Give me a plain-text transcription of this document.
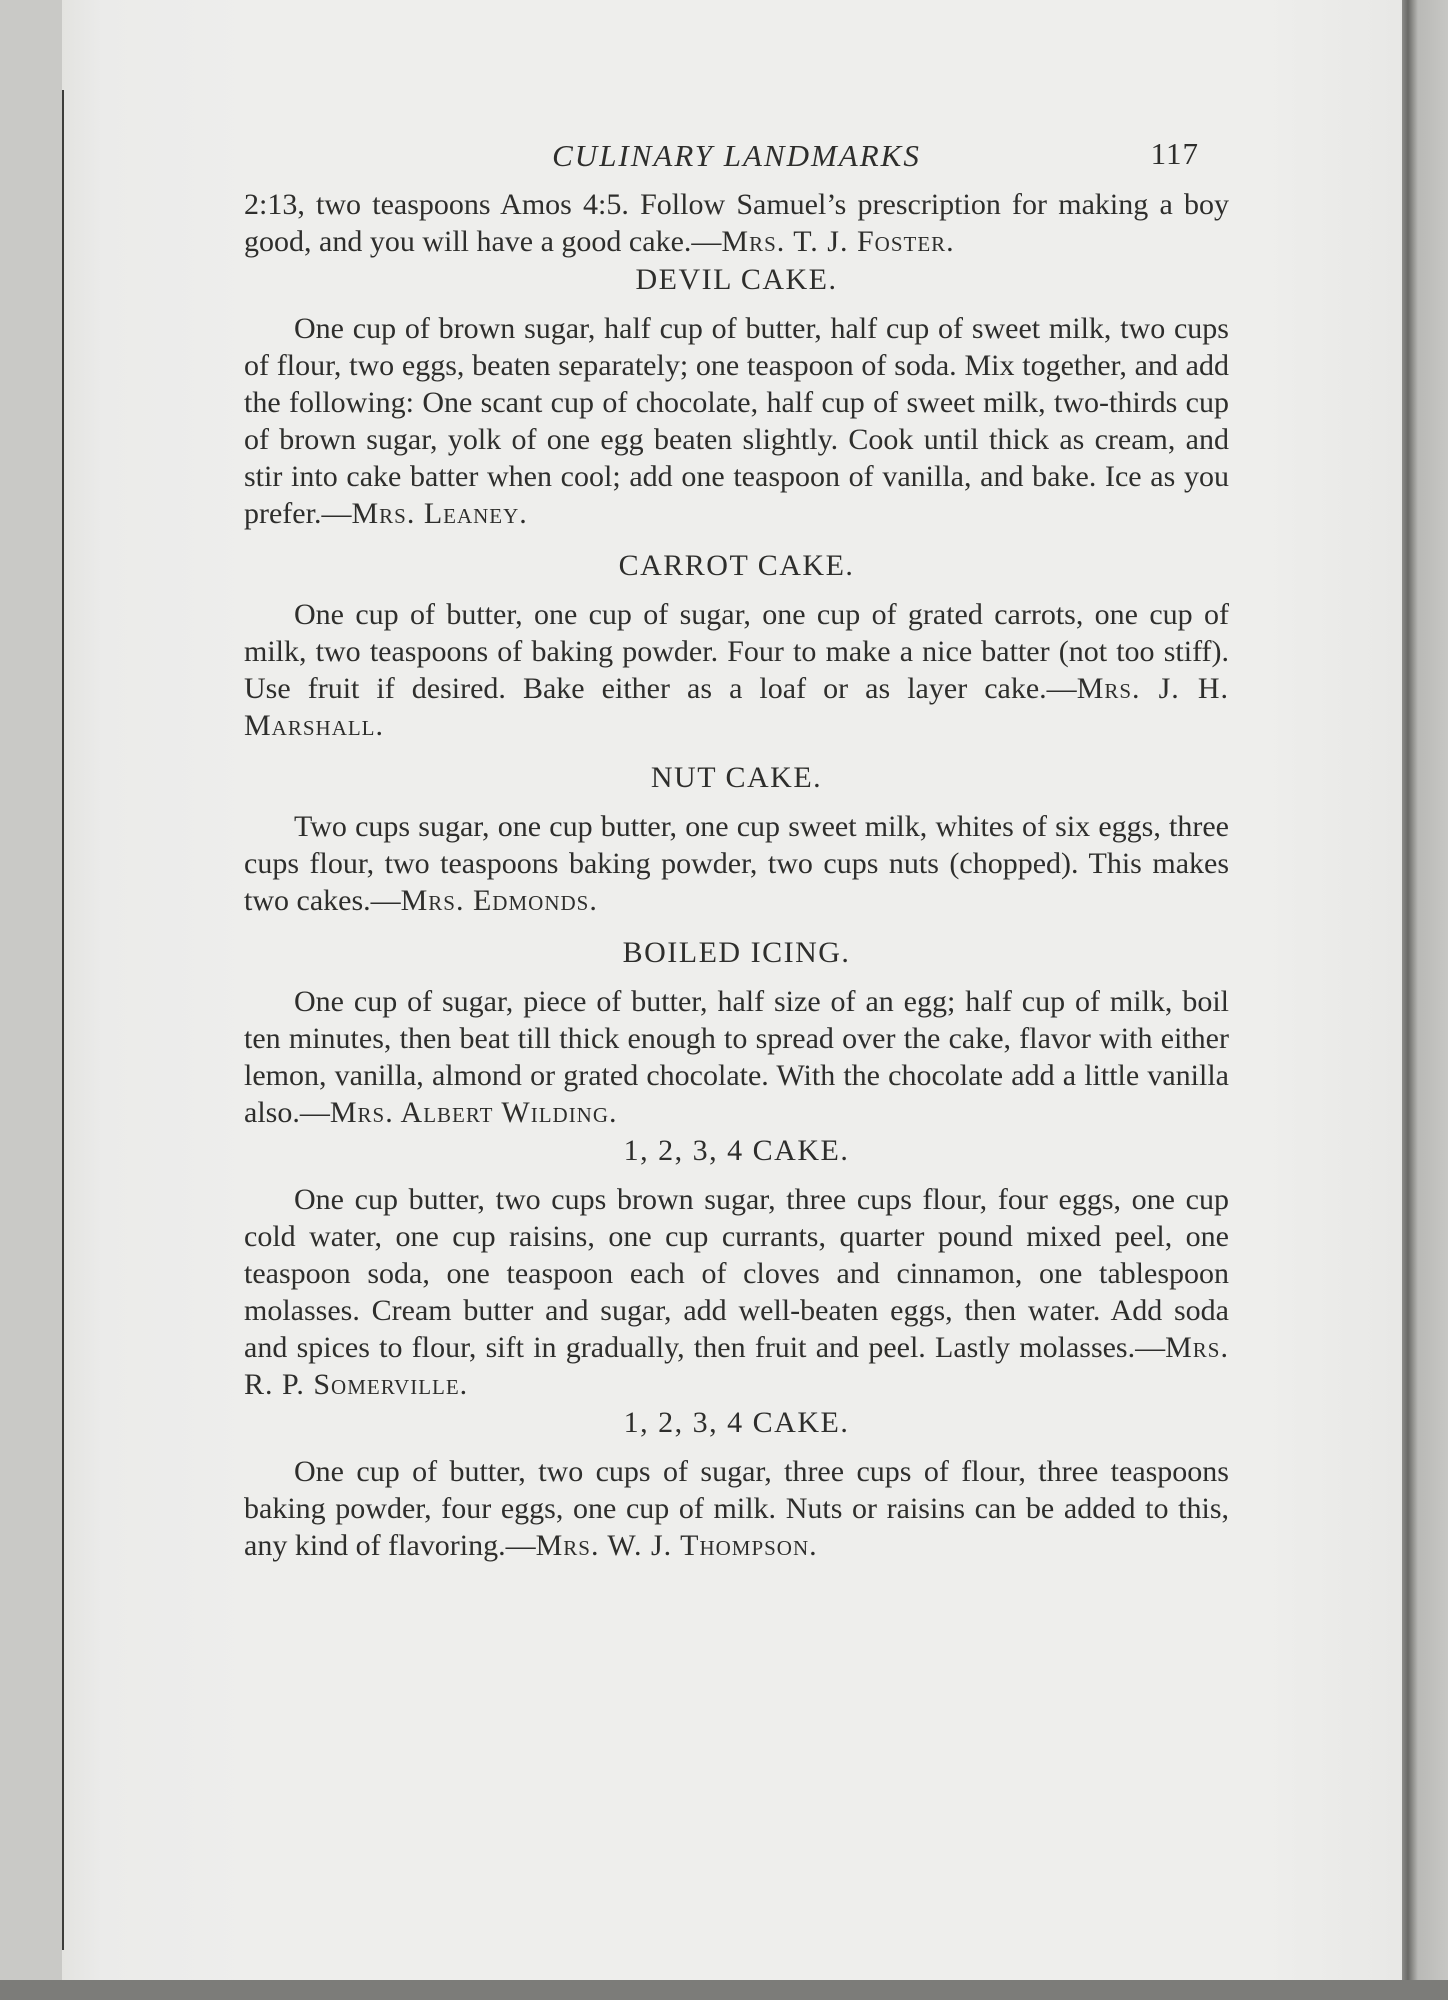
CULINARY LANDMARKS	117

2:13, two teaspoons Amos 4:5. Follow Samuel’s prescription for making a boy good, and you will have a good cake.—Mrs. T. J. Foster.

DEVIL CAKE.

One cup of brown sugar, half cup of butter, half cup of sweet milk, two cups of flour, two eggs, beaten separately; one teaspoon of soda. Mix together, and add the following: One scant cup of chocolate, half cup of sweet milk, two-thirds cup of brown sugar, yolk of one egg beaten slightly. Cook until thick as cream, and stir into cake batter when cool; add one teaspoon of vanilla, and bake. Ice as you prefer.—Mrs. Leaney.

CARROT CAKE.

One cup of butter, one cup of sugar, one cup of grated carrots, one cup of milk, two teaspoons of baking powder. Four to make a nice batter (not too stiff). Use fruit if desired. Bake either as a loaf or as layer cake.—Mrs. J. H. Marshall.

NUT CAKE.

Two cups sugar, one cup butter, one cup sweet milk, whites of six eggs, three cups flour, two teaspoons baking powder, two cups nuts (chopped). This makes two cakes.—Mrs. Edmonds.

BOILED ICING.

One cup of sugar, piece of butter, half size of an egg; half cup of milk, boil ten minutes, then beat till thick enough to spread over the cake, flavor with either lemon, vanilla, almond or grated chocolate. With the chocolate add a little vanilla also.—Mrs. Albert Wilding.

1, 2, 3, 4 CAKE.

One cup butter, two cups brown sugar, three cups flour, four eggs, one cup cold water, one cup raisins, one cup currants, quarter pound mixed peel, one teaspoon soda, one teaspoon each of cloves and cinnamon, one tablespoon molasses. Cream butter and sugar, add well-beaten eggs, then water. Add soda and spices to flour, sift in gradually, then fruit and peel. Lastly molasses.—Mrs. R. P. Somerville.

1, 2, 3, 4 CAKE.

One cup of butter, two cups of sugar, three cups of flour, three teaspoons baking powder, four eggs, one cup of milk. Nuts or raisins can be added to this, any kind of flavoring.—Mrs. W. J. Thompson.
